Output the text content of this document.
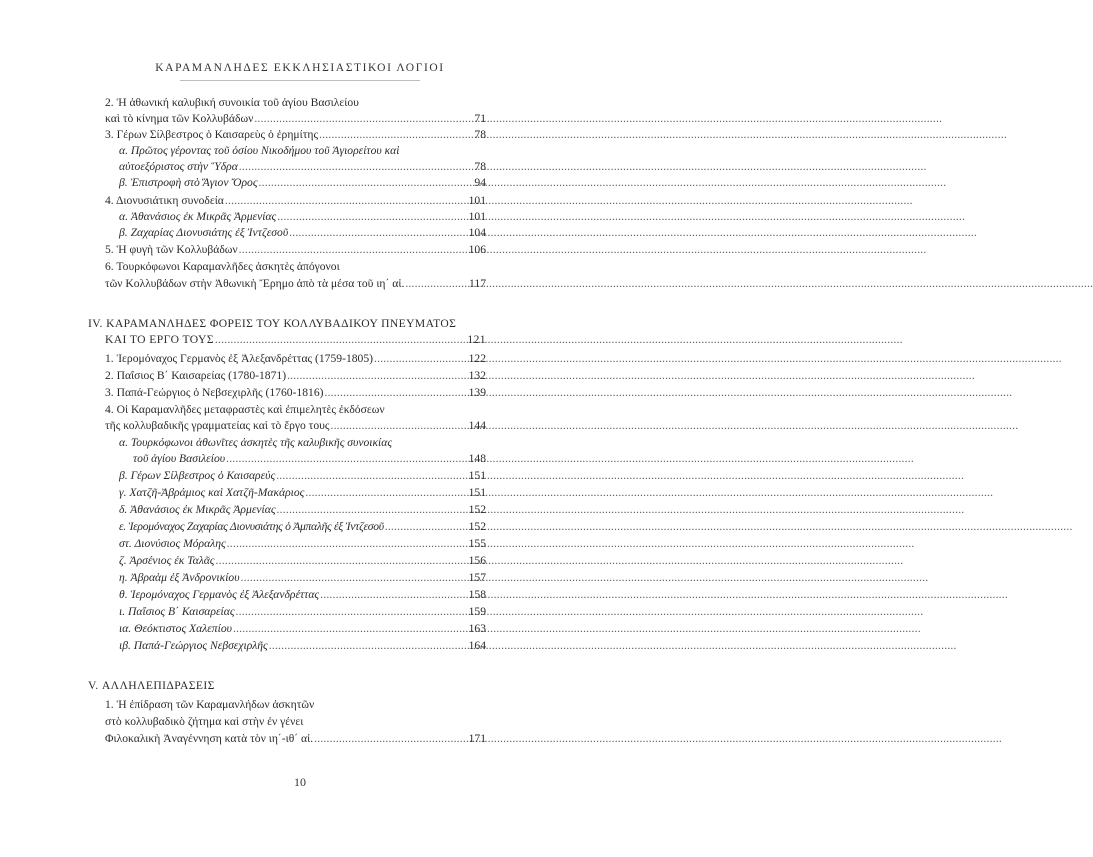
ΚΑΡΑΜΑΝΛΗΔΕΣ ΕΚΚΛΗΣΙΑΣΤΙΚΟΙ ΛΟΓΙΟΙ
2. Ἡ ἀθωνική καλυβική συνοικία τοῦ ἁγίου Βασιλείου
καὶ τὸ κίνημα τῶν Κολλυβάδων .....	71
3. Γέρων Σίλβεστρος ὁ Καισαρεὺς ὁ ἐρημίτης .....	78
α. Πρῶτος γέροντας τοῦ ὁσίου Νικοδήμου τοῦ Ἁγιορείτου καὶ
αὐτοεξόριστος στὴν Ὕδρα .....	78
β. Ἐπιστροφὴ στὸ Ἅγιον Ὄρος .....	94
4. Διονυσιάτικη συνοδεία .....	101
α. Ἀθανάσιος ἐκ Μικρᾶς Ἀρμενίας .....	101
β. Ζαχαρίας Διονυσιάτης ἐξ Ἰντζεσοῦ .....	104
5. Ἡ φυγὴ τῶν Κολλυβάδων .....	106
6. Τουρκόφωνοι Καραμανλῆδες ἀσκητὲς ἀπόγονοι
τῶν Κολλυβάδων στὴν Ἀθωνικὴ Ἔρημο ἀπὸ τὰ μέσα τοῦ ιη΄ αἰ. .....	117
IV. ΚΑΡΑΜΑΝΛΗΔΕΣ ΦΟΡΕΙΣ ΤΟΥ ΚΟΛΛΥΒΑΔΙΚΟΥ ΠΝΕΥΜΑΤΟΣ
ΚΑΙ ΤΟ ΕΡΓΟ ΤΟΥΣ .....	121
1. Ἱερομόναχος Γερμανὸς ἐξ Ἀλεξανδρέττας (1759-1805) .....	122
2. Παΐσιος Β΄ Καισαρείας (1780-1871) .....	132
3. Παπά-Γεώργιος ὁ Νεβσεχιρλῆς (1760-1816) .....	139
4. Οἱ Καραμανλῆδες μεταφραστὲς καὶ ἐπιμελητὲς ἐκδόσεων
τῆς κολλυβαδικῆς γραμματείας καὶ τὸ ἔργο τους .....	144
α. Τουρκόφωνοι ἀθωνῖτες ἀσκητὲς τῆς καλυβικῆς συνοικίας
τοῦ ἁγίου Βασιλείου .....	148
β. Γέρων Σίλβεστρος ὁ Καισαρεύς .....	151
γ. Χατζῆ-Ἀβράμιος καὶ Χατζῆ-Μακάριος .....	151
δ. Ἀθανάσιος ἐκ Μικρᾶς Ἀρμενίας .....	152
ε. Ἱερομόναχος Ζαχαρίας Διονυσιάτης ὁ Ἀμπαλῆς ἐξ Ἰντζεσοῦ .....	152
στ. Διονύσιος Μόραλης .....	155
ζ. Ἀρσένιος ἐκ Ταλᾶς .....	156
η. Ἀβραὰμ ἐξ Ἀνδρονικίου .....	157
θ. Ἱερομόναχος Γερμανὸς ἐξ Ἀλεξανδρέττας .....	158
ι. Παΐσιος Β΄ Καισαρείας .....	159
ια. Θεόκτιστος Χαλεπίου .....	163
ιβ. Παπά-Γεώργιος Νεβσεχιρλῆς .....	164
V. ΑΛΛΗΛΕΠΙΔΡΑΣΕΙΣ
1. Ἡ ἐπίδραση τῶν Καραμανλήδων ἀσκητῶν
στὸ κολλυβαδικὸ ζήτημα καὶ στὴν ἐν γένει
Φιλοκαλικὴ Ἀναγέννηση κατὰ τὸν ιη΄-ιθ΄ αἰ. .....	171
10
